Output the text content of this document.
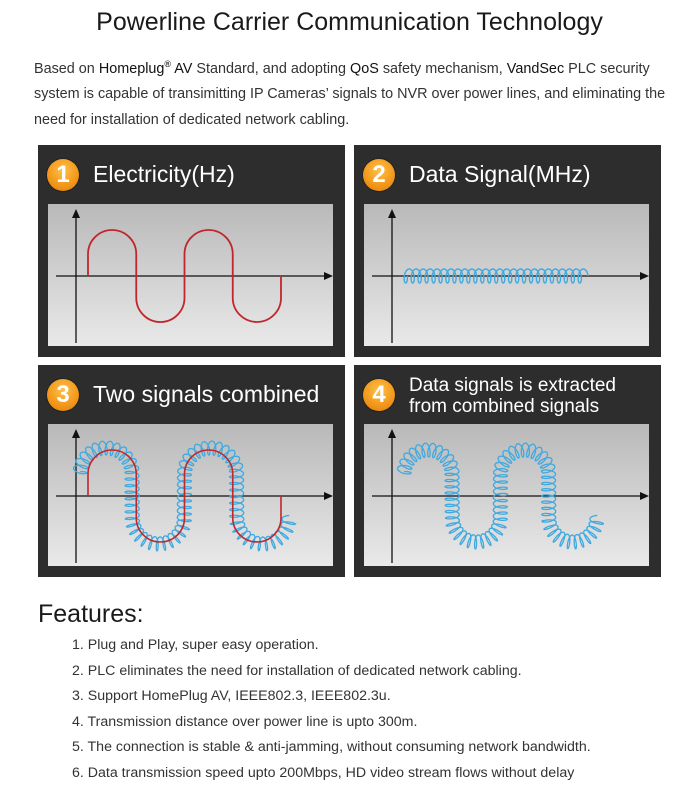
Powerline Carrier Communication Technology
Based on Homeplug® AV Standard, and adopting QoS safety mechanism, VandSec PLC security system is capable of transimitting IP Cameras’ signals to NVR over power lines, and eliminating the need for installation of dedicated network cabling.
1	Electricity(Hz)	2	Data Signal(MHz)
3	Two signals combined	4	Data signals is extracted
from combined signals
Features:
1. Plug and Play, super easy operation.
2. PLC eliminates the need for installation of dedicated network cabling.
3. Support HomePlug AV, IEEE802.3, IEEE802.3u.
4. Transmission distance over power line is upto 300m.
5. The connection is stable & anti-jamming, without consuming network bandwidth.
6. Data transmission speed upto 200Mbps, HD video stream flows without delay
